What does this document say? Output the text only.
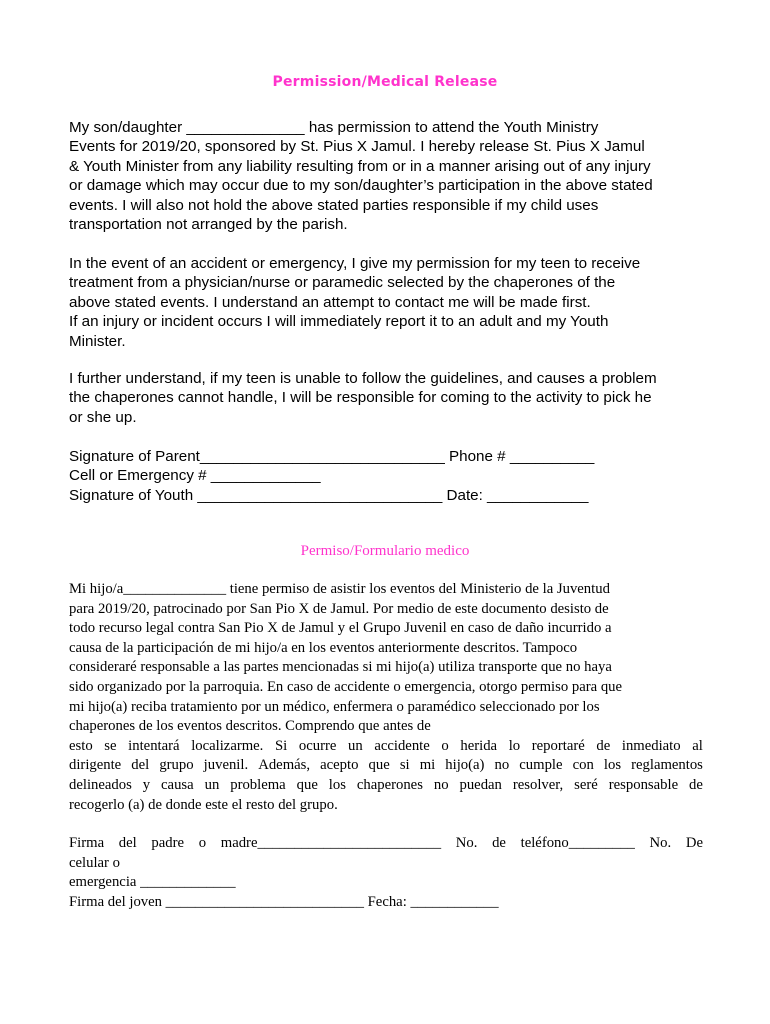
Permission/Medical Release
My son/daughter ______________ has permission to attend the Youth Ministry
Events for 2019/20, sponsored by St. Pius X Jamul. I hereby release St. Pius X Jamul
& Youth Minister from any liability resulting from or in a manner arising out of any injury
or damage which may occur due to my son/daughter’s participation in the above stated
events. I will also not hold the above stated parties responsible if my child uses
transportation not arranged by the parish.
In the event of an accident or emergency, I give my permission for my teen to receive
treatment from a physician/nurse or paramedic selected by the chaperones of the
above stated events. I understand an attempt to contact me will be made first.
If an injury or incident occurs I will immediately report it to an adult and my Youth
Minister.
I further understand, if my teen is unable to follow the guidelines, and causes a problem
the chaperones cannot handle, I will be responsible for coming to the activity to pick he
or she up.
Signature of Parent_____________________________ Phone # __________
Cell or Emergency # _____________
Signature of Youth _____________________________ Date: ____________
Permiso/Formulario medico
Mi hijo/a______________ tiene permiso de asistir los eventos del Ministerio de la Juventud
para 2019/20, patrocinado por San Pio X de Jamul. Por medio de este documento desisto de
todo recurso legal contra San Pio X de Jamul y el Grupo Juvenil en caso de daño incurrido a
causa de la participación de mi hijo/a en los eventos anteriormente descritos. Tampoco
consideraré responsable a las partes mencionadas si mi hijo(a) utiliza transporte que no haya
sido organizado por la parroquia. En caso de accidente o emergencia, otorgo permiso para que
mi hijo(a) reciba tratamiento por un médico, enfermera o paramédico seleccionado por los
chaperones de los eventos descritos. Comprendo que antes de
esto se intentará localizarme. Si ocurre un accidente o herida lo reportaré de inmediato al
dirigente del grupo juvenil. Además, acepto que si mi hijo(a) no cumple con los reglamentos
delineados y causa un problema que los chaperones no puedan resolver, seré responsable de
recogerlo (a) de donde este el resto del grupo.
Firma del padre o madre_________________________ No. de teléfono_________ No. De
celular o
emergencia _____________
Firma del joven ___________________________ Fecha: ____________
